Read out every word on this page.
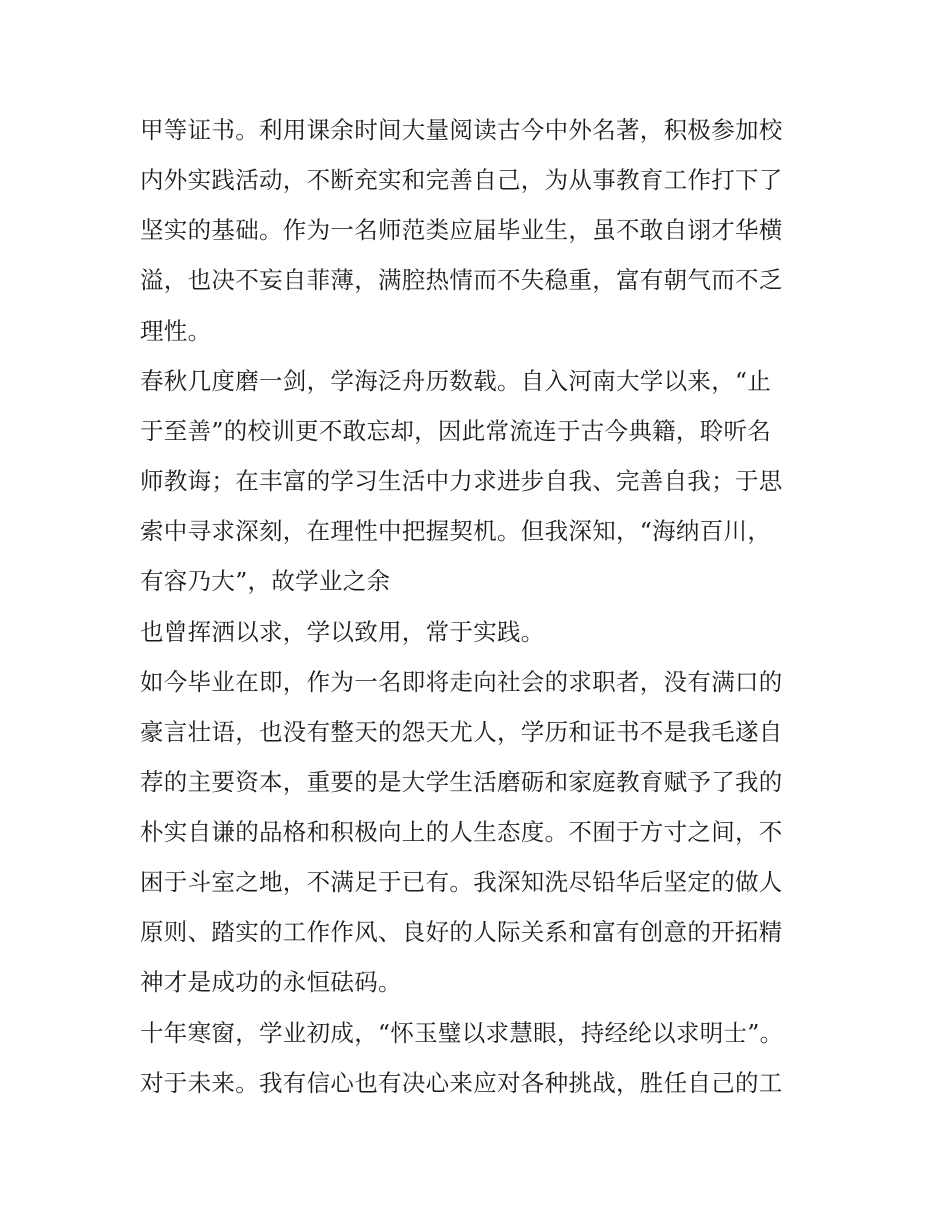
甲等证书。利用课余时间大量阅读古今中外名著，积极参加校
内外实践活动，不断充实和完善自己，为从事教育工作打下了
坚实的基础。作为一名师范类应届毕业生，虽不敢自诩才华横
溢，也决不妄自菲薄，满腔热情而不失稳重，富有朝气而不乏
理性。
春秋几度磨一剑，学海泛舟历数载。自入河南大学以来，“止
于至善”的校训更不敢忘却，因此常流连于古今典籍，聆听名
师教诲；在丰富的学习生活中力求进步自我、完善自我；于思
索中寻求深刻，在理性中把握契机。但我深知，“海纳百川，
有容乃大”，故学业之余
也曾挥洒以求，学以致用，常于实践。
如今毕业在即，作为一名即将走向社会的求职者，没有满口的
豪言壮语，也没有整天的怨天尤人，学历和证书不是我毛遂自
荐的主要资本，重要的是大学生活磨砺和家庭教育赋予了我的
朴实自谦的品格和积极向上的人生态度。不囿于方寸之间，不
困于斗室之地，不满足于已有。我深知洗尽铅华后坚定的做人
原则、踏实的工作作风、良好的人际关系和富有创意的开拓精
神才是成功的永恒砝码。
十年寒窗，学业初成，“怀玉璧以求慧眼，持经纶以求明士”。
对于未来。我有信心也有决心来应对各种挑战，胜任自己的工
